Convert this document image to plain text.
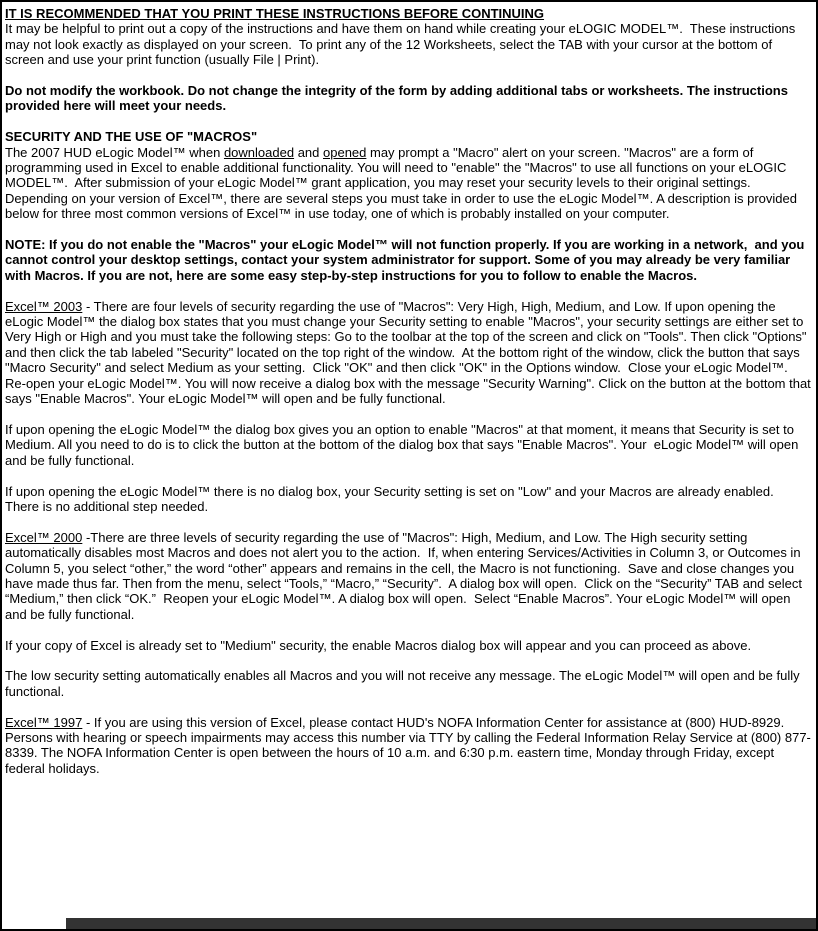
IT IS RECOMMENDED THAT YOU PRINT THESE INSTRUCTIONS BEFORE CONTINUING

It may be helpful to print out a copy of the instructions and have them on hand while creating your eLOGIC MODEL™.  These instructions may not look exactly as displayed on your screen.  To print any of the 12 Worksheets, select the TAB with your cursor at the bottom of screen and use your print function (usually File | Print).

Do not modify the workbook. Do not change the integrity of the form by adding additional tabs or worksheets. The instructions provided here will meet your needs.

SECURITY AND THE USE OF "MACROS"

The 2007 HUD eLogic Model™ when downloaded and opened may prompt a "Macro" alert on your screen. "Macros" are a form of programming used in Excel to enable additional functionality. You will need to "enable" the "Macros" to use all functions on your eLOGIC MODEL™.  After submission of your eLogic Model™ grant application, you may reset your security levels to their original settings. Depending on your version of Excel™, there are several steps you must take in order to use the eLogic Model™. A description is provided below for three most common versions of Excel™ in use today, one of which is probably installed on your computer.

NOTE: If you do not enable the "Macros" your eLogic Model™ will not function properly. If you are working in a network,  and you cannot control your desktop settings, contact your system administrator for support. Some of you may already be very familiar with Macros. If you are not, here are some easy step-by-step instructions for you to follow to enable the Macros.

Excel™ 2003 - There are four levels of security regarding the use of "Macros": Very High, High, Medium, and Low. If upon opening the eLogic Model™ the dialog box states that you must change your Security setting to enable "Macros", your security settings are either set to Very High or High and you must take the following steps: Go to the toolbar at the top of the screen and click on "Tools". Then click "Options" and then click the tab labeled "Security" located on the top right of the window.  At the bottom right of the window, click the button that says "Macro Security" and select Medium as your setting.  Click "OK" and then click "OK" in the Options window.  Close your eLogic Model™.  Re-open your eLogic Model™. You will now receive a dialog box with the message "Security Warning". Click on the button at the bottom that says "Enable Macros". Your eLogic Model™ will open and be fully functional.

If upon opening the eLogic Model™ the dialog box gives you an option to enable "Macros" at that moment, it means that Security is set to Medium. All you need to do is to click the button at the bottom of the dialog box that says "Enable Macros". Your  eLogic Model™ will open and be fully functional.

If upon opening the eLogic Model™ there is no dialog box, your Security setting is set on "Low" and your Macros are already enabled. There is no additional step needed.

Excel™ 2000 -There are three levels of security regarding the use of "Macros": High, Medium, and Low. The High security setting automatically disables most Macros and does not alert you to the action.  If, when entering Services/Activities in Column 3, or Outcomes in Column 5, you select “other,” the word “other” appears and remains in the cell, the Macro is not functioning.  Save and close changes you have made thus far. Then from the menu, select “Tools,” “Macro,” “Security”.  A dialog box will open.  Click on the “Security” TAB and select “Medium,” then click “OK.”  Reopen your eLogic Model™. A dialog box will open.  Select “Enable Macros”. Your eLogic Model™ will open and be fully functional.

If your copy of Excel is already set to "Medium" security, the enable Macros dialog box will appear and you can proceed as above.

The low security setting automatically enables all Macros and you will not receive any message. The eLogic Model™ will open and be fully functional.

Excel™ 1997 - If you are using this version of Excel, please contact HUD's NOFA Information Center for assistance at (800) HUD-8929. Persons with hearing or speech impairments may access this number via TTY by calling the Federal Information Relay Service at (800) 877-8339. The NOFA Information Center is open between the hours of 10 a.m. and 6:30 p.m. eastern time, Monday through Friday, except federal holidays.
